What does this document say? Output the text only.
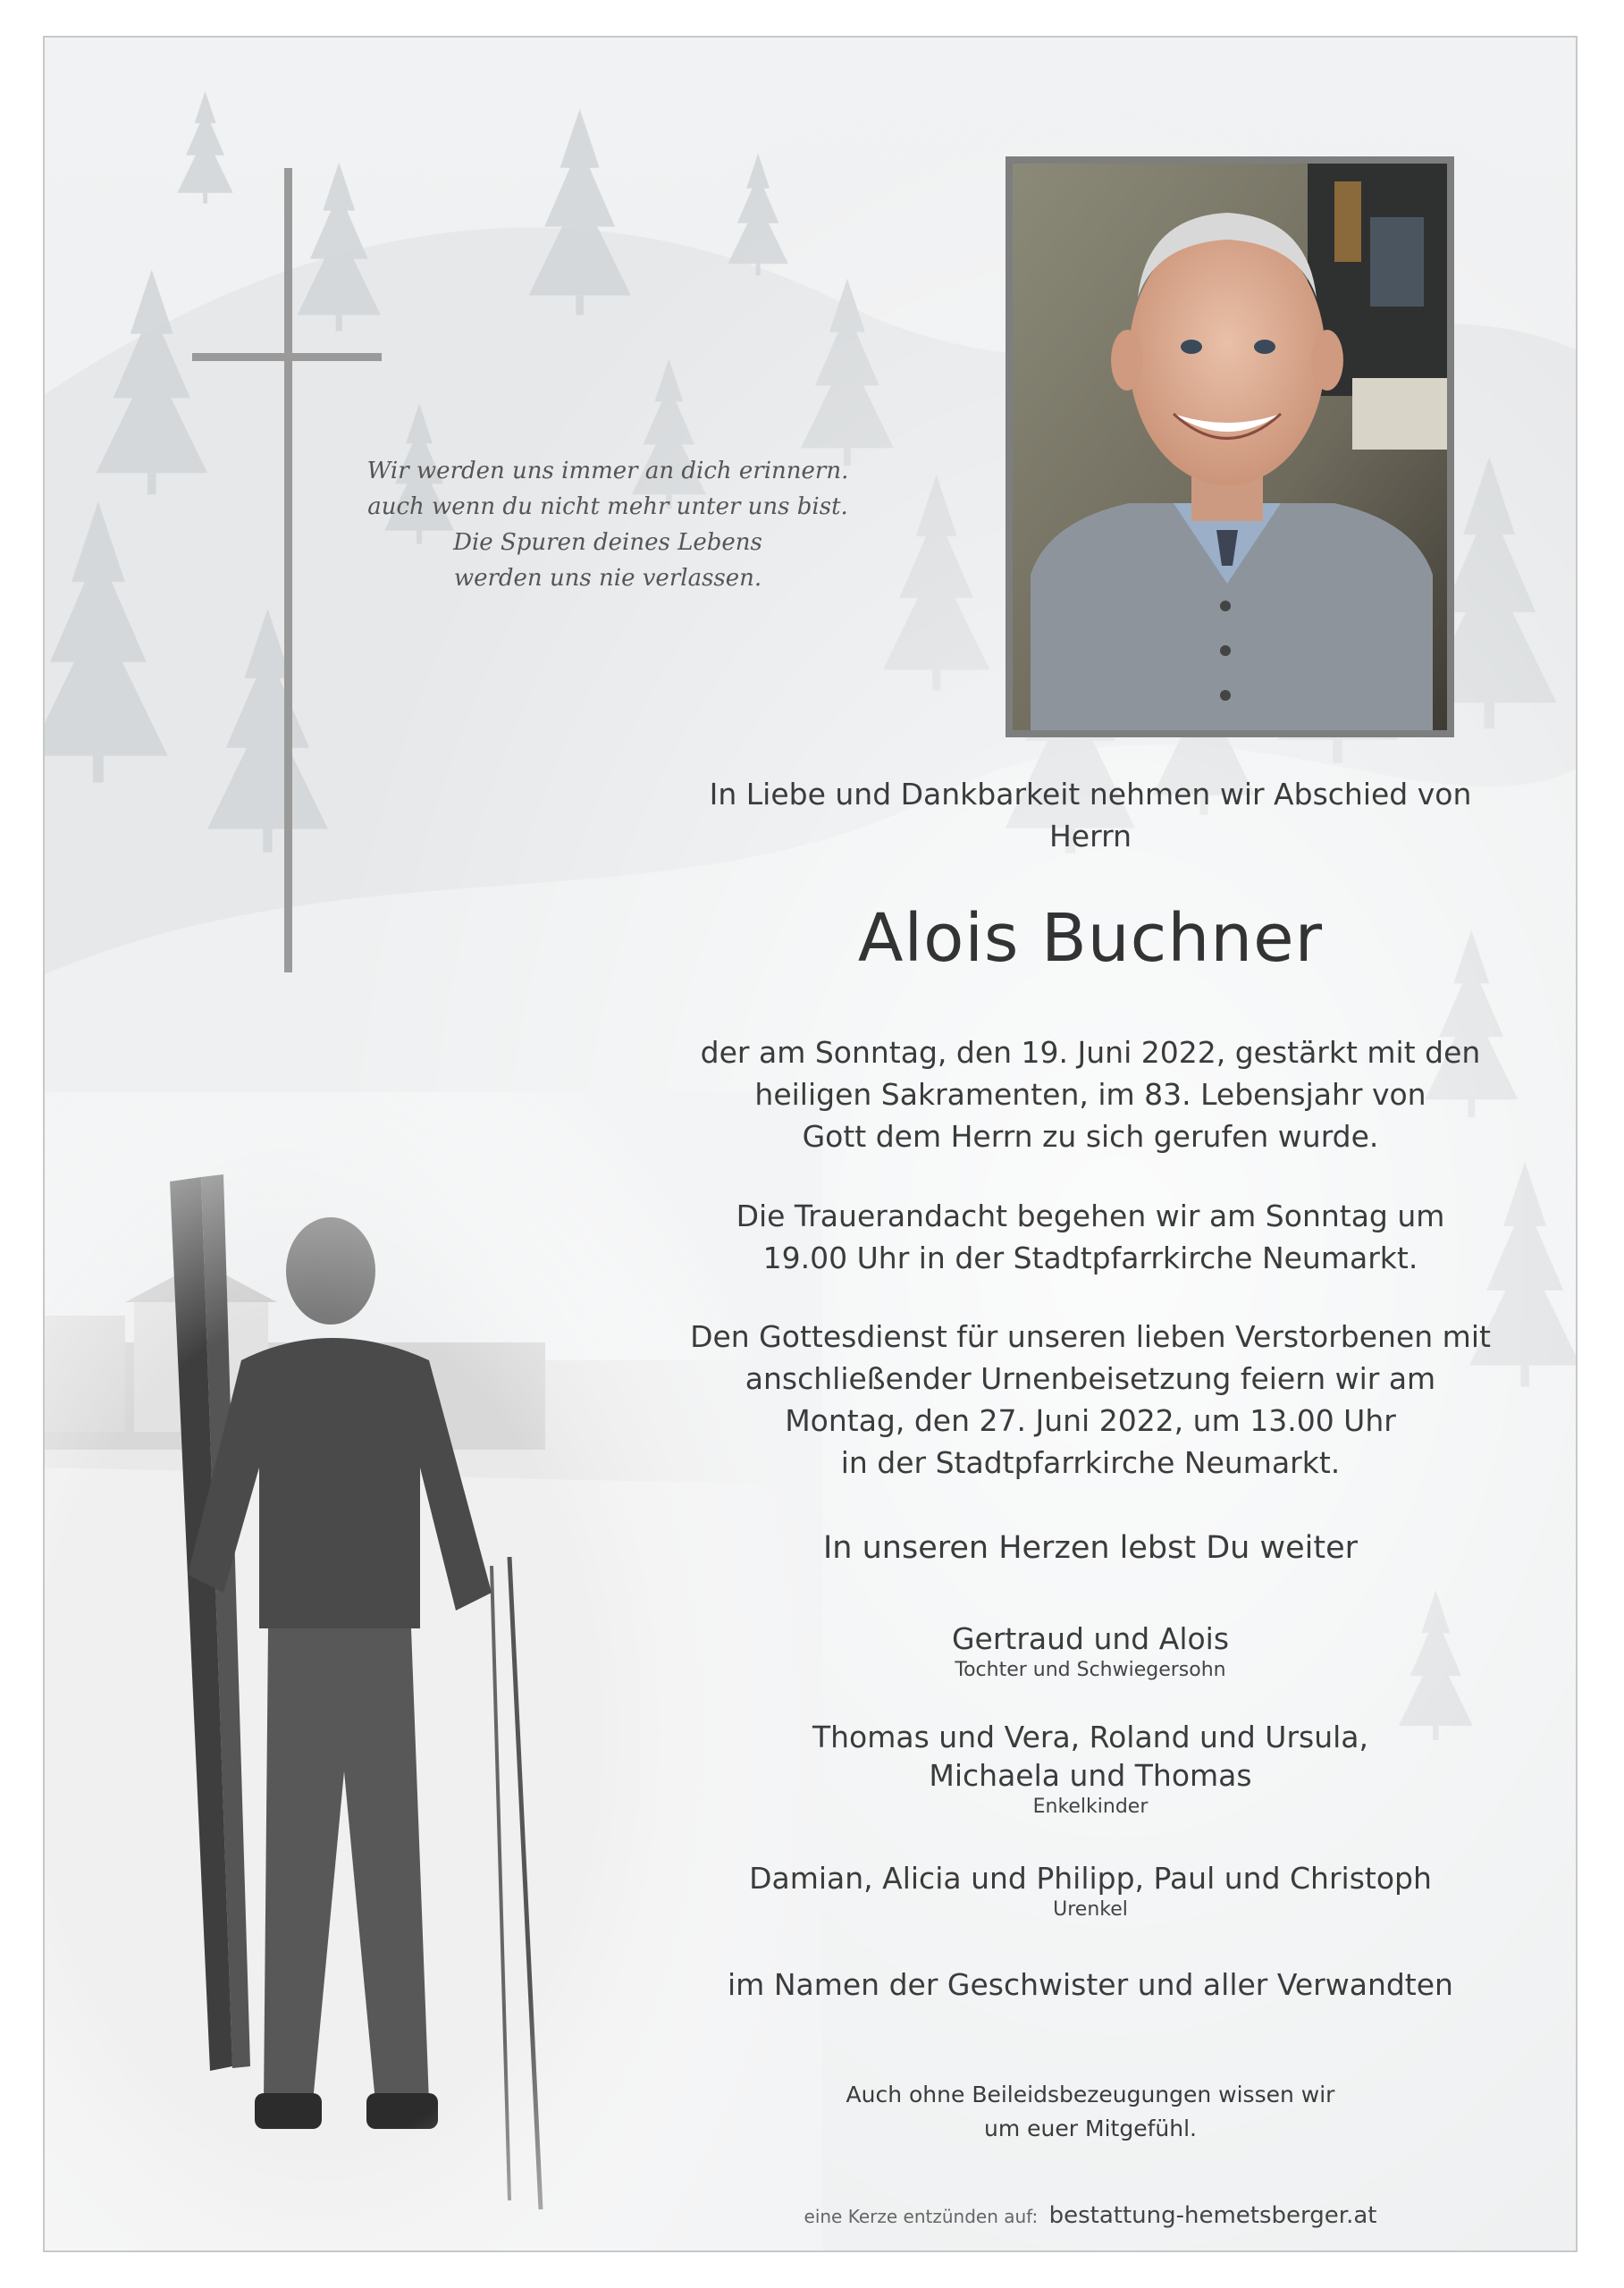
Wir werden uns immer an dich erinnern.
auch wenn du nicht mehr unter uns bist.
Die Spuren deines Lebens
werden uns nie verlassen.
In Liebe und Dankbarkeit nehmen wir Abschied von
Herrn
Alois Buchner
der am Sonntag, den 19. Juni 2022, gestärkt mit den
heiligen Sakramenten, im 83. Lebensjahr von
Gott dem Herrn zu sich gerufen wurde.
Die Trauerandacht begehen wir am Sonntag um
19.00 Uhr in der Stadtpfarrkirche Neumarkt.
Den Gottesdienst für unseren lieben Verstorbenen mit
anschließender Urnenbeisetzung feiern wir am
Montag, den 27. Juni 2022, um 13.00 Uhr
in der Stadtpfarrkirche Neumarkt.
In unseren Herzen lebst Du weiter
Gertraud und Alois
Tochter und Schwiegersohn
Thomas und Vera, Roland und Ursula,
Michaela und Thomas
Enkelkinder
Damian, Alicia und Philipp, Paul und Christoph
Urenkel
im Namen der Geschwister und aller Verwandten
Auch ohne Beileidsbezeugungen wissen wir
um euer Mitgefühl.
eine Kerze entzünden auf: bestattung-hemetsberger.at
